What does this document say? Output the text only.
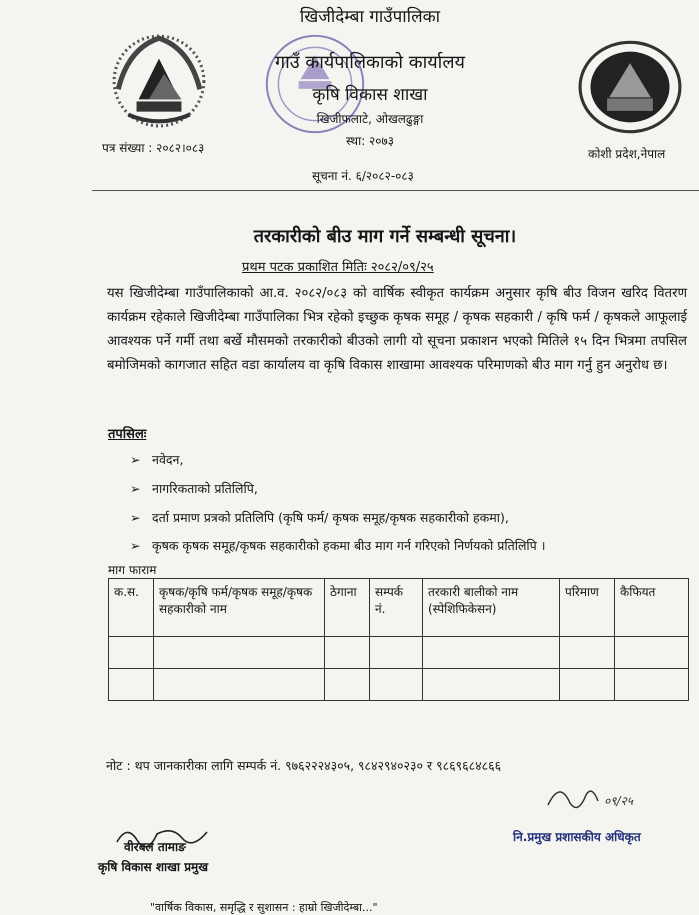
खिजीदेम्बा गाउँपालिका
गाउँ कार्यपालिकाको कार्यालय
कृषि विकास शाखा
खिजीफलाटे, ओखलढुङ्गा
स्था: २०७३
पत्र संख्या : २०८२।०८३	कोशी प्रदेश,नेपाल
सूचना नं. ६/२०८२-०८३
तरकारीको बीउ माग गर्ने सम्बन्धी सूचना।
प्रथम पटक प्रकाशित मितिः २०८२/०९/२५
यस खिजीदेम्बा गाउँपालिकाको आ.व. २०८२/०८३ को वार्षिक स्वीकृत कार्यक्रम अनुसार कृषि बीउ विजन खरिद वितरण कार्यक्रम रहेकाले खिजीदेम्बा गाउँपालिका भित्र रहेको इच्छुक कृषक समूह / कृषक सहकारी / कृषि फर्म / कृषकले आफूलाई आवश्यक पर्ने गर्मी तथा बर्खे मौसमको तरकारीको बीउको लागी यो सूचना प्रकाशन भएको मितिले १५ दिन भित्रमा तपसिल बमोजिमको कागजात सहित वडा कार्यालय वा कृषि विकास शाखामा आवश्यक परिमाणको बीउ माग गर्नु हुन अनुरोध छ।
तपसिलः
➢ नवेदन,
➢ नागरिकताको प्रतिलिपि,
➢ दर्ता प्रमाण प्रत्रको प्रतिलिपि (कृषि फर्म/ कृषक समूह/कृषक सहकारीको हकमा),
➢ कृषक कृषक समूह/कृषक सहकारीको हकमा बीउ माग गर्न गरिएको निर्णयको प्रतिलिपि ।
माग फाराम
क.स.	कृषक/कृषि फर्म/कृषक समूह/कृषक सहकारीको नाम	ठेगाना	सम्पर्क नं.	तरकारी बालीको नाम (स्पेशिफिकेसन)	परिमाण	कैफियत

नोट : थप जानकारीका लागि सम्पर्क नं. ९७६२२२४३०५, ९८४२९४०२३० र ९८६९६८४८६६
वीरबल तामाङ
कृषि विकास शाखा प्रमुख
०९/२५
नि.प्रमुख प्रशासकीय अधिकृत
"वार्षिक विकास, समृद्धि र सुशासन : हाम्रो खिजीदेम्बा..."
